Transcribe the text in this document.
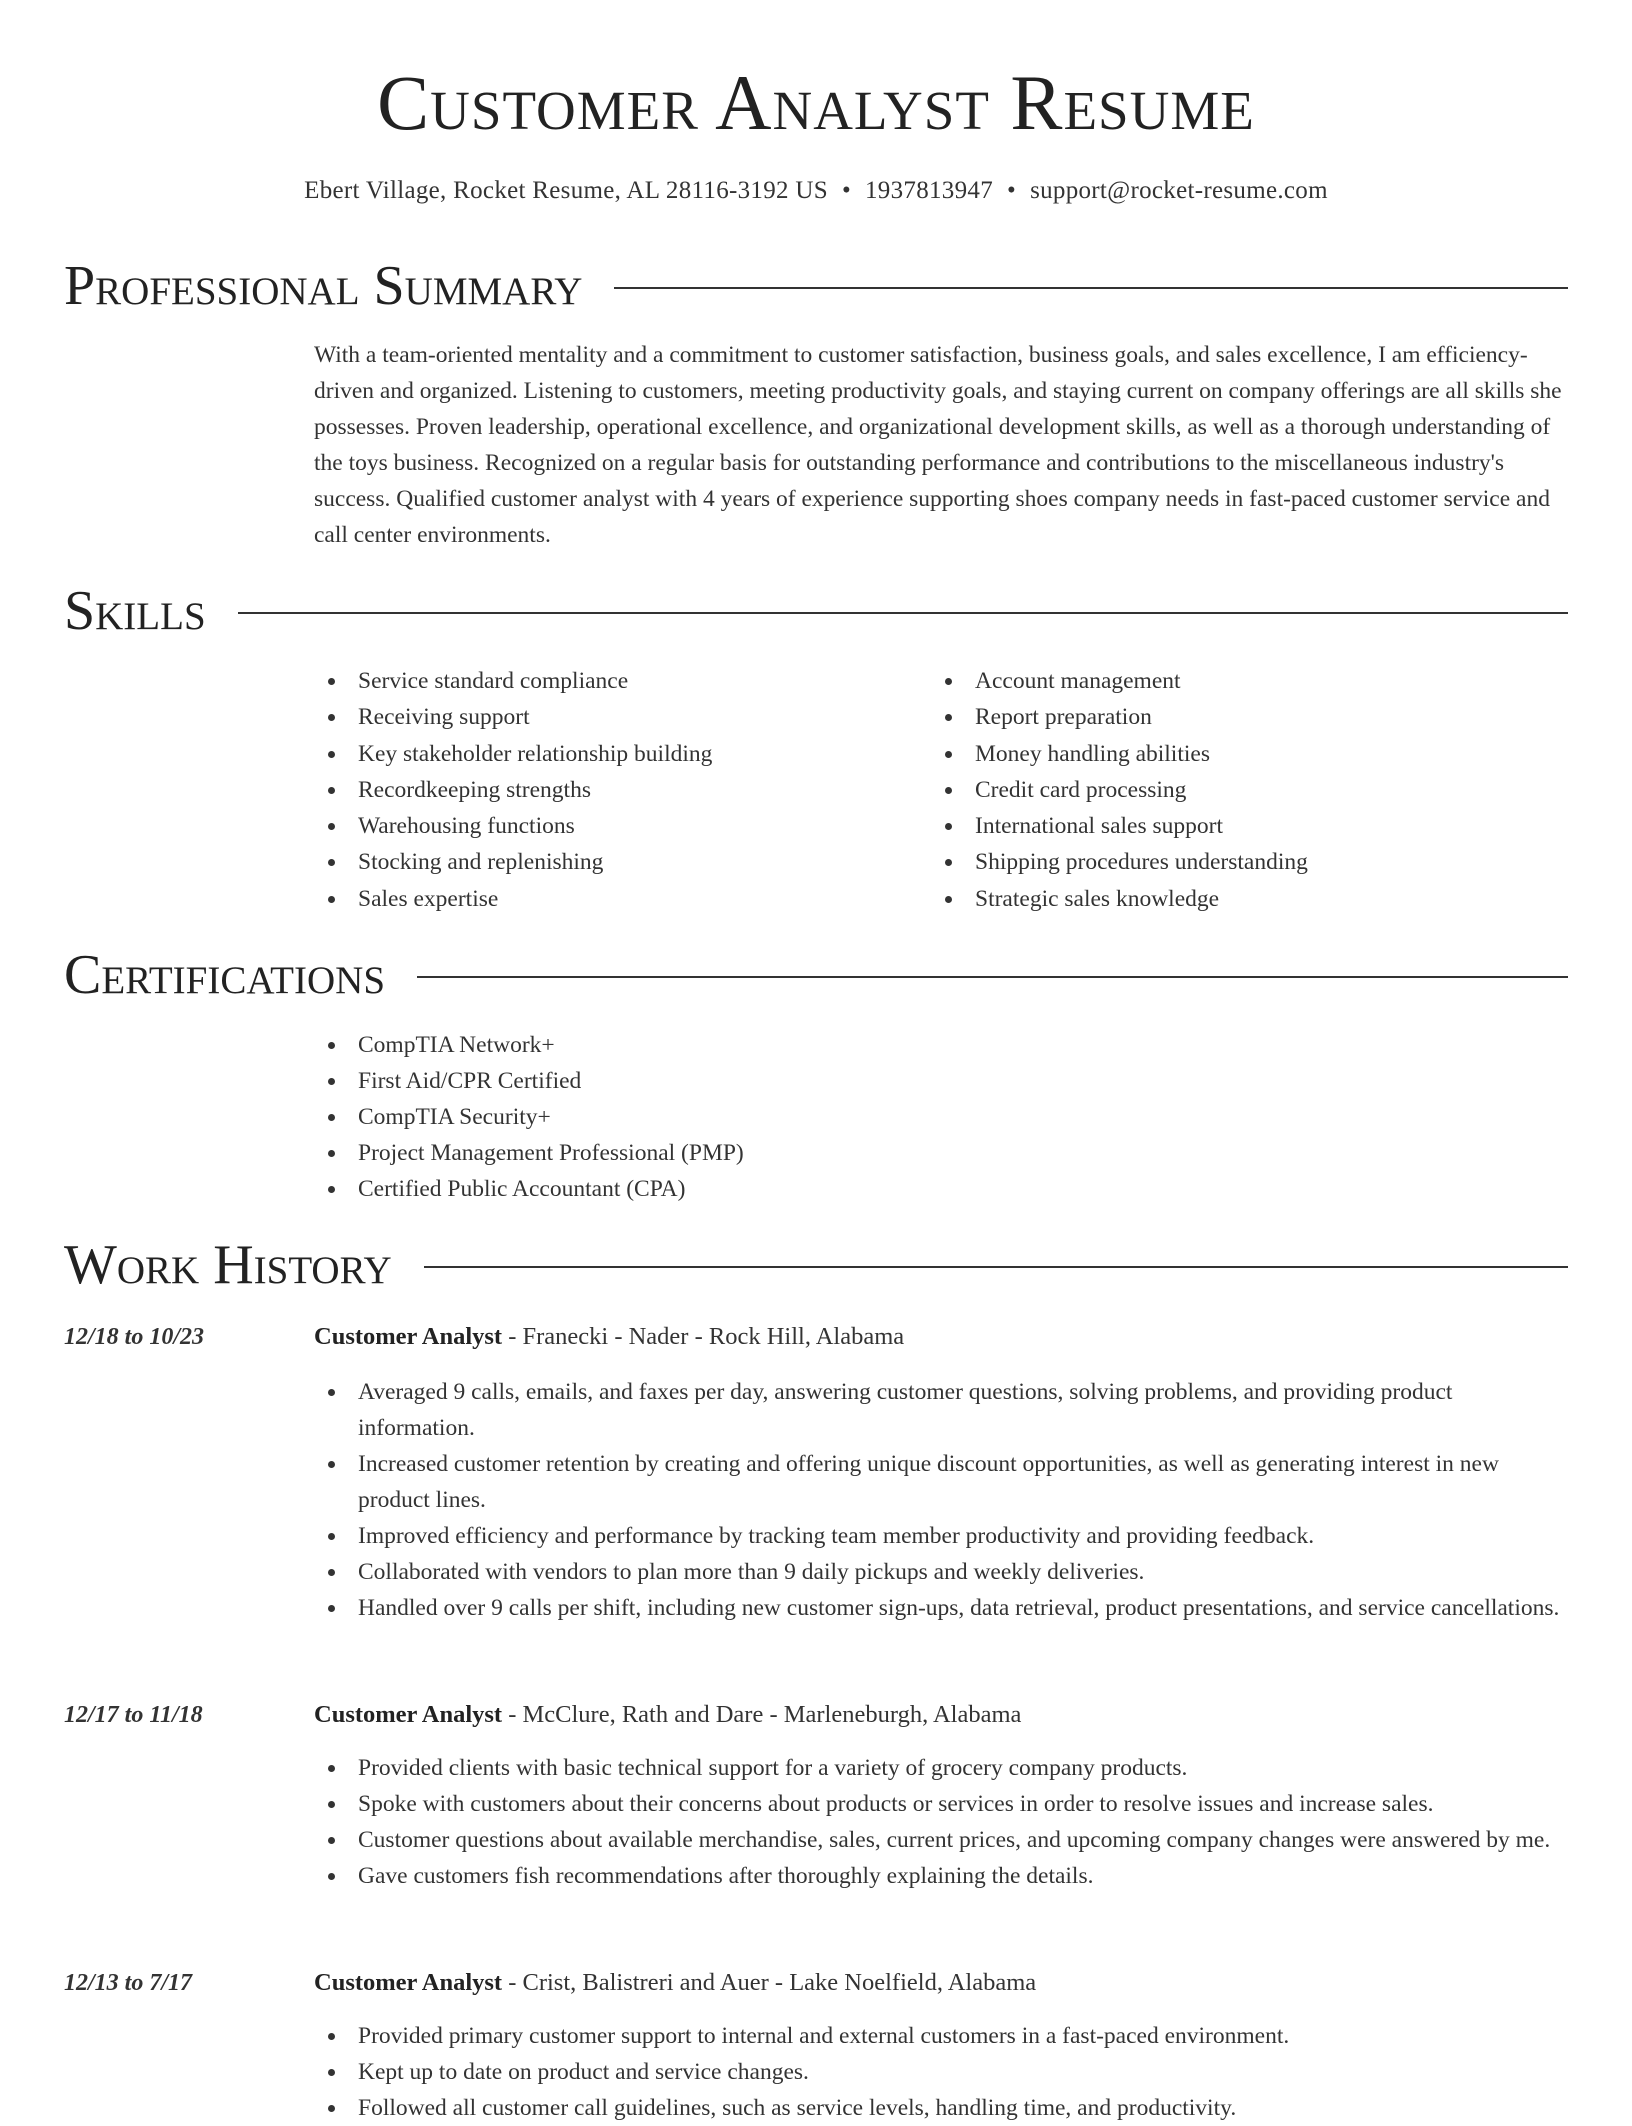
Customer Analyst Resume
Ebert Village, Rocket Resume, AL 28116-3192 US • 1937813947 • support@rocket-resume.com
Professional Summary

With a team-oriented mentality and a commitment to customer satisfaction, business goals, and sales excellence, I am efficiency-driven and organized. Listening to customers, meeting productivity goals, and staying current on company offerings are all skills she possesses. Proven leadership, operational excellence, and organizational development skills, as well as a thorough understanding of the toys business. Recognized on a regular basis for outstanding performance and contributions to the miscellaneous industry's success. Qualified customer analyst with 4 years of experience supporting shoes company needs in fast-paced customer service and call center environments.

Skills
Service standard compliance
Receiving support
Key stakeholder relationship building
Recordkeeping strengths
Warehousing functions
Stocking and replenishing
Sales expertise
Account management
Report preparation
Money handling abilities
Credit card processing
International sales support
Shipping procedures understanding
Strategic sales knowledge
Certifications
CompTIA Network+
First Aid/CPR Certified
CompTIA Security+
Project Management Professional (PMP)
Certified Public Accountant (CPA)
Work History
12/18 to 10/23	Customer Analyst - Franecki - Nader - Rock Hill, Alabama
Averaged 9 calls, emails, and faxes per day, answering customer questions, solving problems, and providing product information.
Increased customer retention by creating and offering unique discount opportunities, as well as generating interest in new product lines.
Improved efficiency and performance by tracking team member productivity and providing feedback.
Collaborated with vendors to plan more than 9 daily pickups and weekly deliveries.
Handled over 9 calls per shift, including new customer sign-ups, data retrieval, product presentations, and service cancellations.
12/17 to 11/18	Customer Analyst - McClure, Rath and Dare - Marleneburgh, Alabama
Provided clients with basic technical support for a variety of grocery company products.
Spoke with customers about their concerns about products or services in order to resolve issues and increase sales.
Customer questions about available merchandise, sales, current prices, and upcoming company changes were answered by me.
Gave customers fish recommendations after thoroughly explaining the details.
12/13 to 7/17	Customer Analyst - Crist, Balistreri and Auer - Lake Noelfield, Alabama
Provided primary customer support to internal and external customers in a fast-paced environment.
Kept up to date on product and service changes.
Followed all customer call guidelines, such as service levels, handling time, and productivity.
